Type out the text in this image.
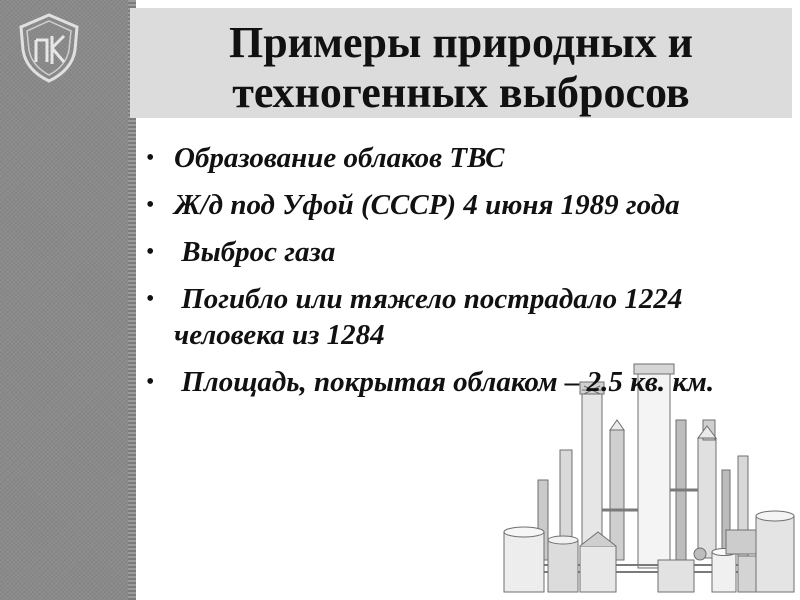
Примеры природных и
техногенных выбросов
• Образование облаков ТВС
• Ж/д под Уфой (СССР) 4 июня 1989 года
• Выброс газа
• Погибло или тяжело пострадало 1224 человека из 1284
• Площадь, покрытая облаком – 2.5 кв. км.
